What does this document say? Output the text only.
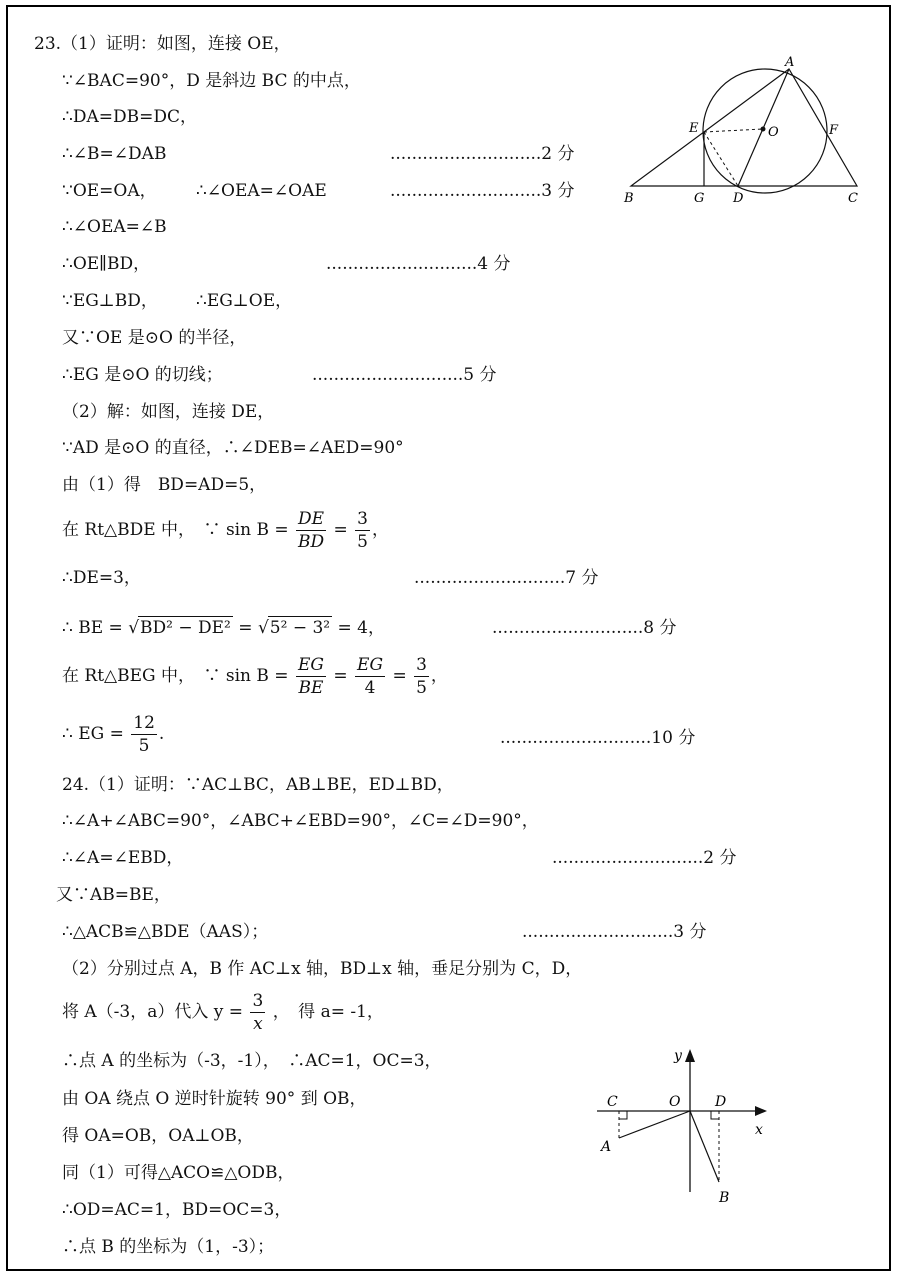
23.（1）证明：如图，连接 OE，
∵∠BAC=90°，D 是斜边 BC 的中点，
∴DA=DB=DC，
∴∠B=∠DAB	............................2 分
∵OE=OA， ∴∠OEA=∠OAE	............................3 分
∴∠OEA=∠B
∴OE∥BD，	............................4 分
∵EG⊥BD， ∴EG⊥OE，
又∵OE 是⊙O 的半径，
∴EG 是⊙O 的切线；	............................5 分
（2）解：如图，连接 DE，
∵AD 是⊙O 的直径，∴∠DEB=∠AED=90°
由（1）得　BD=AD=5，
在 Rt△BDE 中，　∵ $\sin B = \frac{DE}{BD} = \frac{3}{5}$ ，
∴DE=3，	............................7 分
∴ BE = √BD² − DE² = √5² − 3² = 4，	............................8 分
在 Rt△BEG 中，　∵ $\sin B = \frac{EG}{BE} = \frac{EG}{4} = \frac{3}{5}$ ，
∴ EG = $\frac{12}{5}$ .	............................10 分
24.（1）证明：∵AC⊥BC，AB⊥BE，ED⊥BD，
∴∠A+∠ABC=90°，∠ABC+∠EBD=90°，∠C=∠D=90°，
∴∠A=∠EBD，	............................2 分
又∵AB=BE，
∴△ACB≌△BDE（AAS）；	............................3 分
（2）分别过点 A，B 作 AC⊥x 轴，BD⊥x 轴，垂足分别为 C，D，
将 A（-3，a）代入 $y = \frac{3}{x}$ ，　得 a= -1，
∴点 A 的坐标为（-3，-1），　∴AC=1，OC=3，
由 OA 绕点 O 逆时针旋转 90° 到 OB，
得 OA=OB，OA⊥OB，
同（1）可得△ACO≌△ODB，
∴OD=AC=1，BD=OC=3，
∴点 B 的坐标为（1，-3）；
A
B	C
D
E	F
G
O
y
x
O
C	D
A
B
